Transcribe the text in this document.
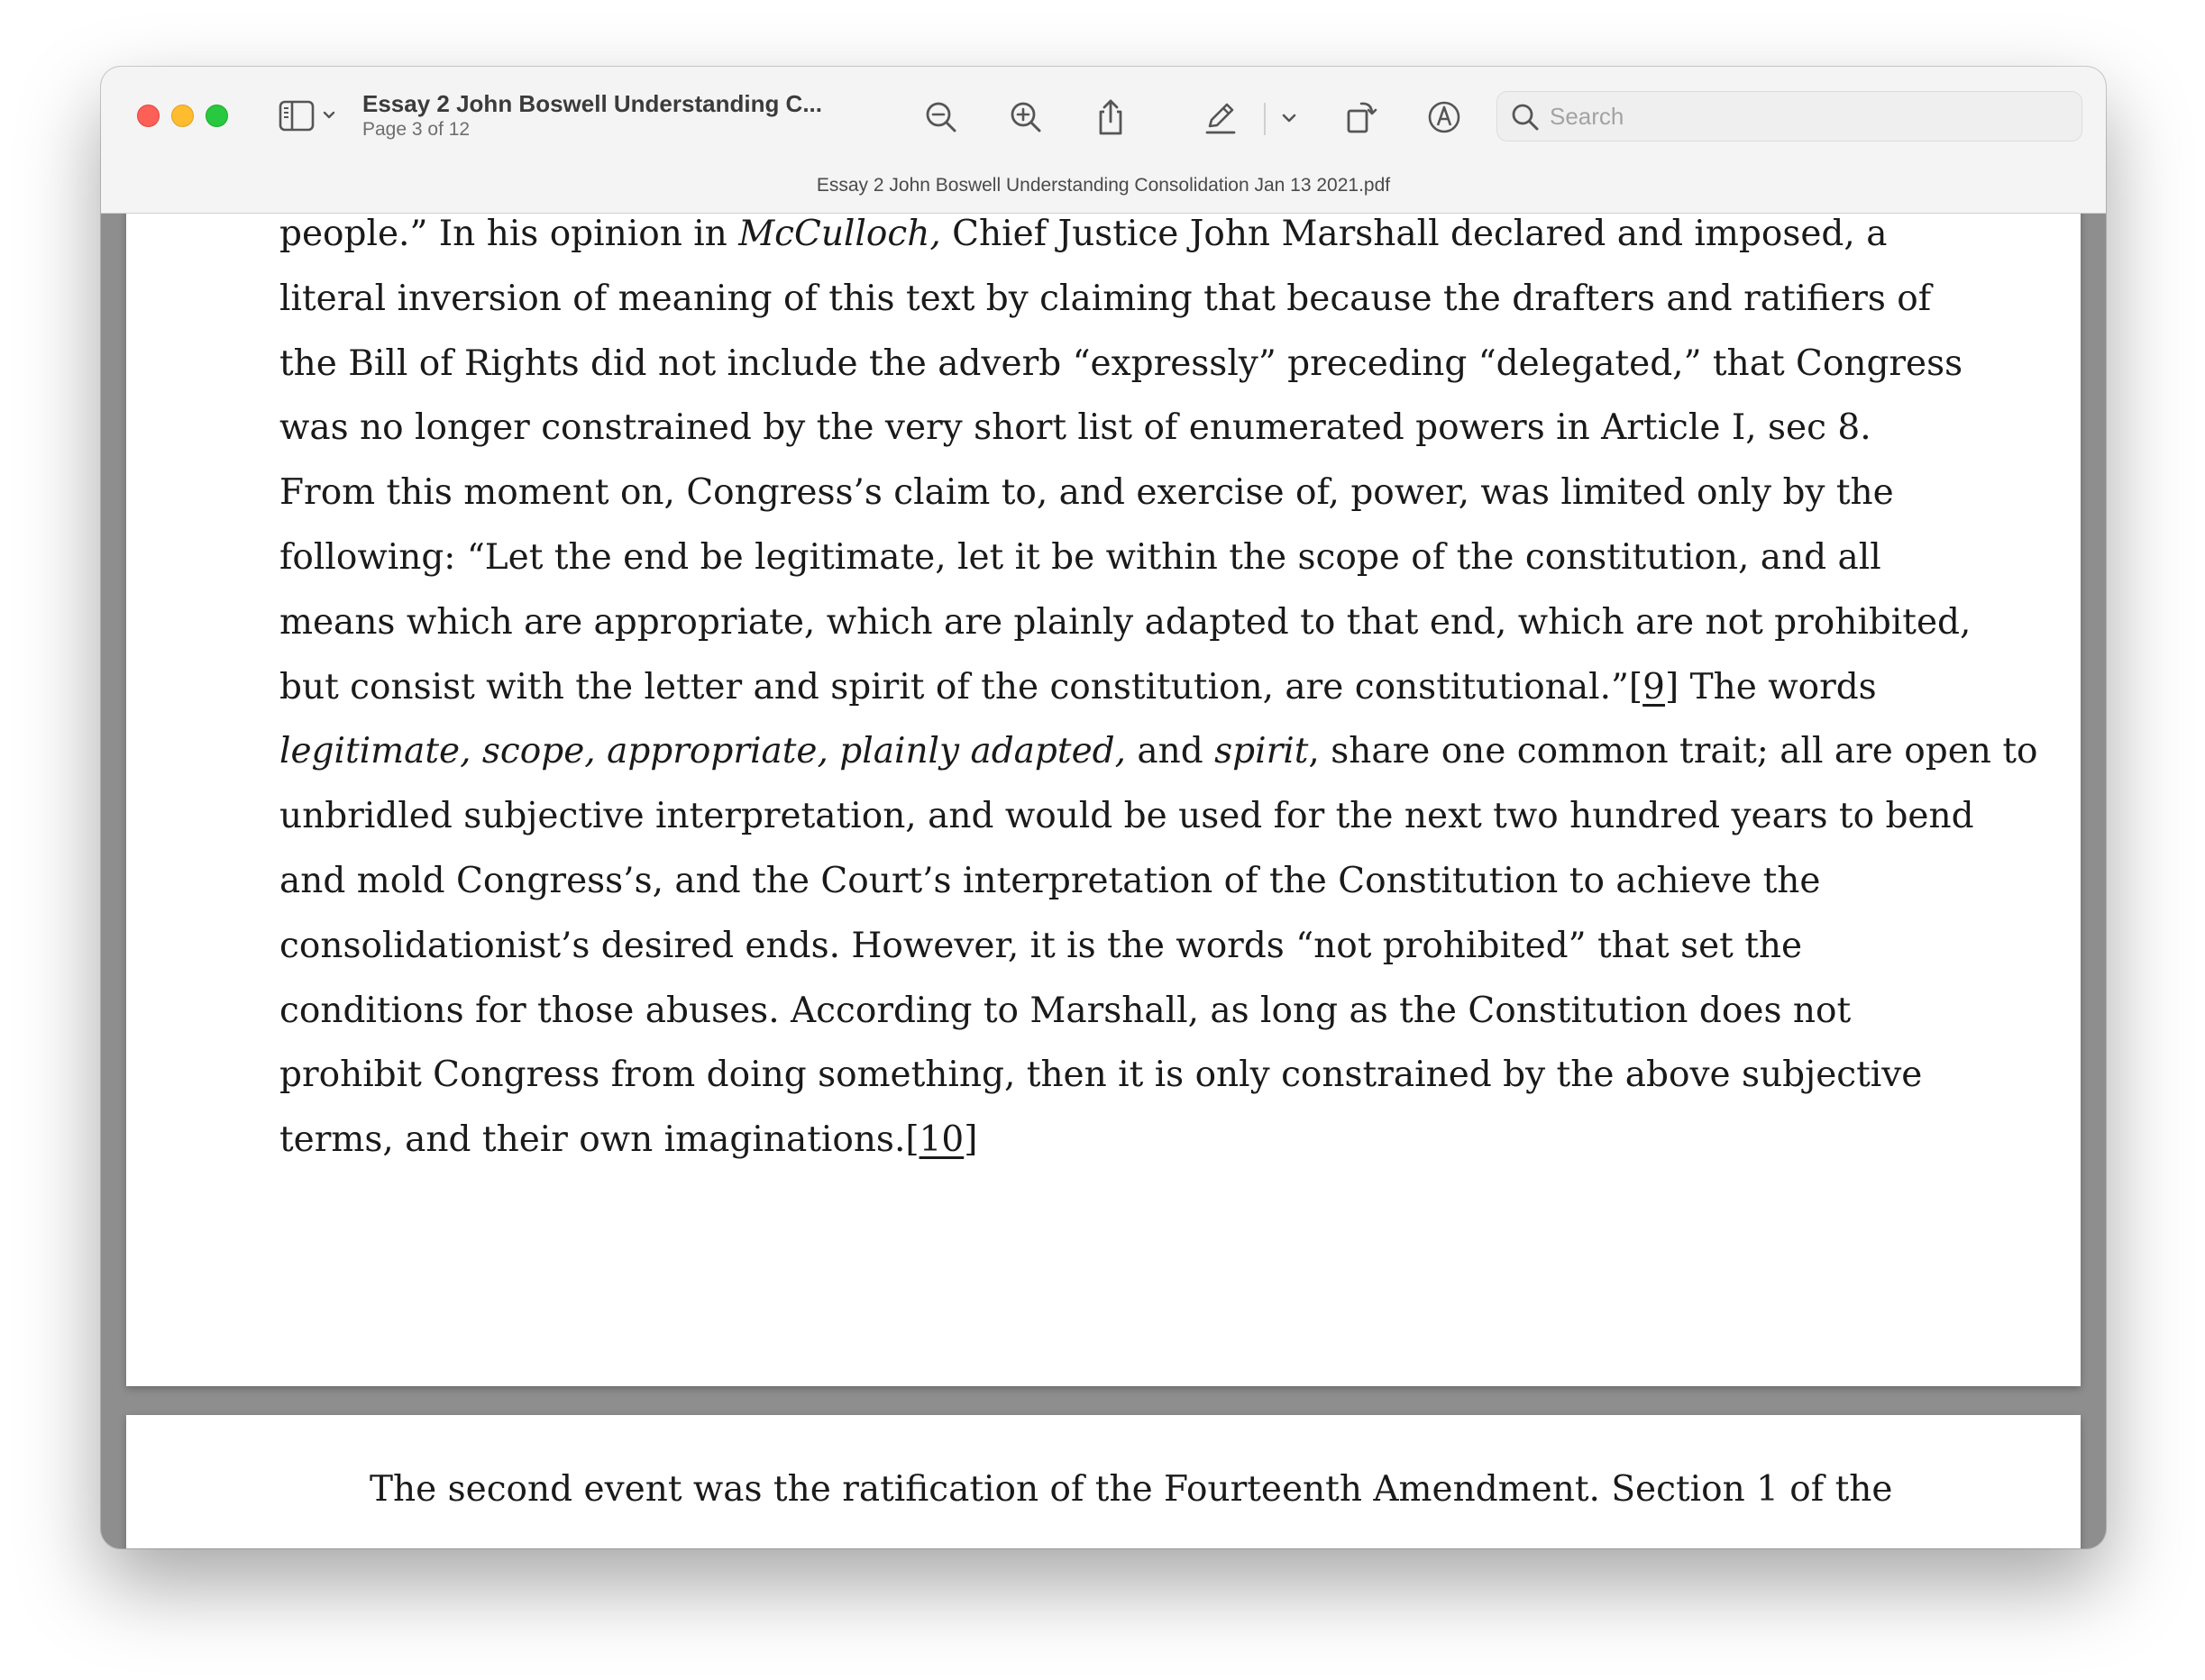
people.” In his opinion in McCulloch, Chief Justice John Marshall declared and imposed, a
literal inversion of meaning of this text by claiming that because the drafters and ratifiers of
the Bill of Rights did not include the adverb “expressly” preceding “delegated,” that Congress
was no longer constrained by the very short list of enumerated powers in Article I, sec 8.
From this moment on, Congress’s claim to, and exercise of, power, was limited only by the
following: “Let the end be legitimate, let it be within the scope of the constitution, and all
means which are appropriate, which are plainly adapted to that end, which are not prohibited,
but consist with the letter and spirit of the constitution, are constitutional.”[9] The words
legitimate, scope, appropriate, plainly adapted, and spirit, share one common trait; all are open to
unbridled subjective interpretation, and would be used for the next two hundred years to bend
and mold Congress’s, and the Court’s interpretation of the Constitution to achieve the
consolidationist’s desired ends. However, it is the words “not prohibited” that set the
conditions for those abuses. According to Marshall, as long as the Constitution does not
prohibit Congress from doing something, then it is only constrained by the above subjective
terms, and their own imaginations.[10]

The second event was the ratification of the Fourteenth Amendment. Section 1 of the
Essay 2 John Boswell Understanding C...
Page 3 of 12
Search
Essay 2 John Boswell Understanding Consolidation Jan 13 2021.pdf
